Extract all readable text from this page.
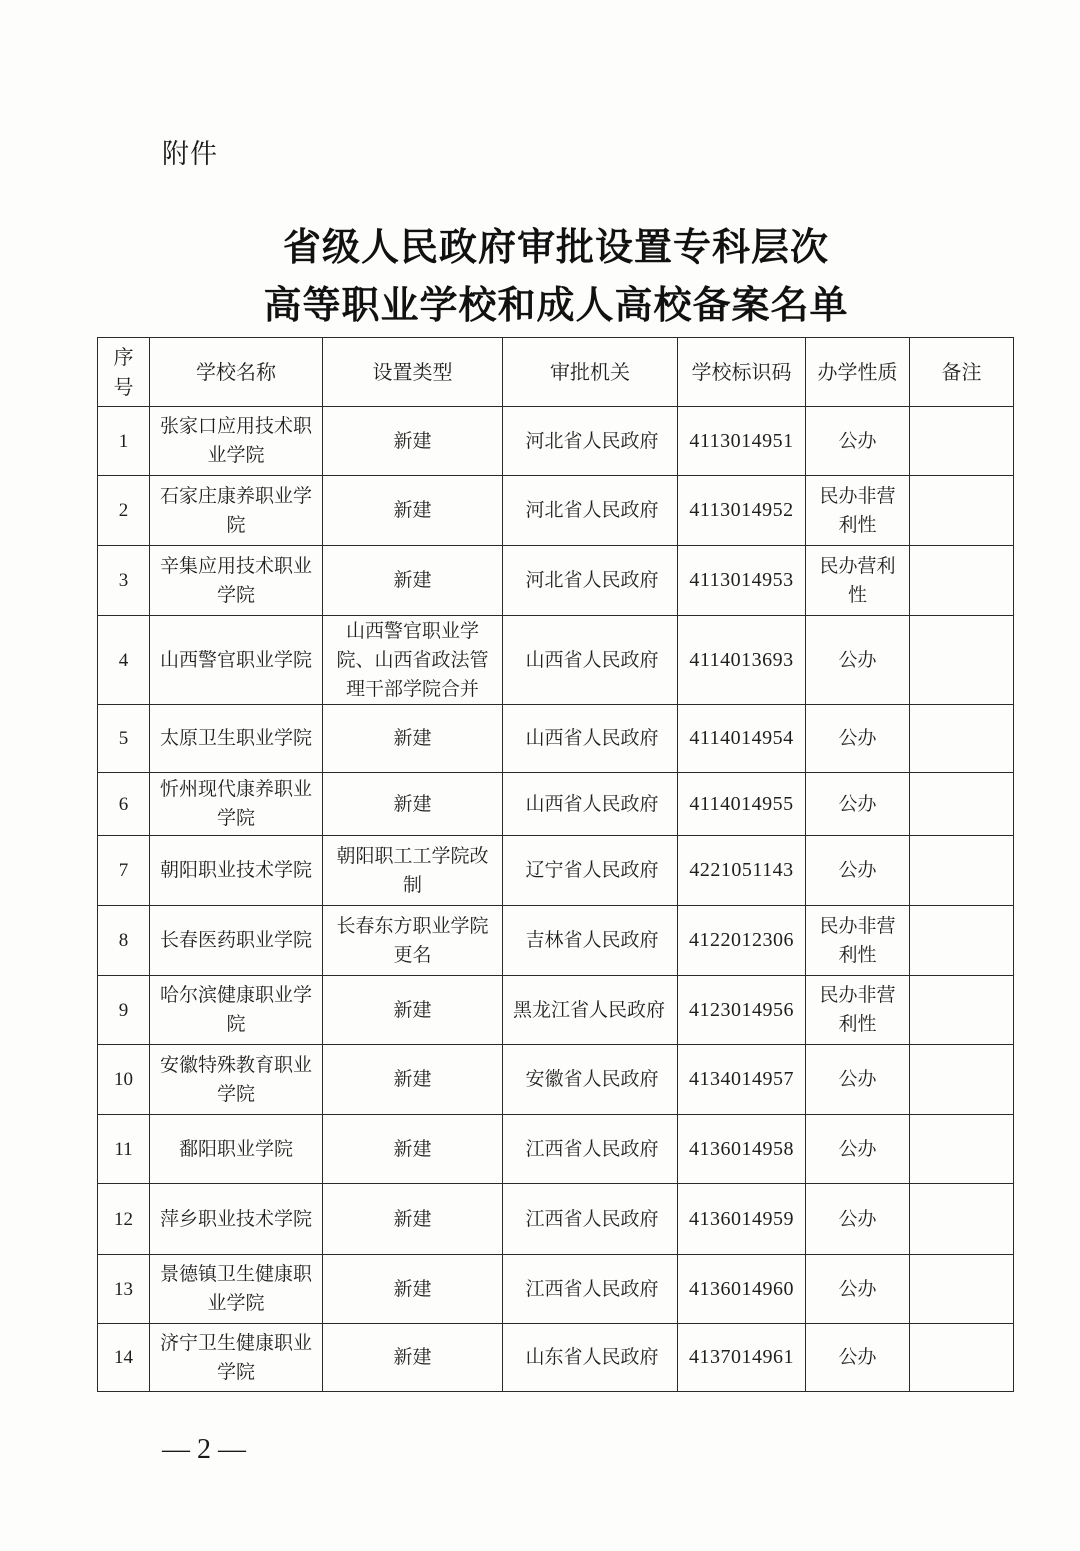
附件
省级人民政府审批设置专科层次
高等职业学校和成人高校备案名单
序号	学校名称	设置类型	审批机关	学校标识码	办学性质	备注
1	张家口应用技术职业学院	新建	河北省人民政府	4113014951	公办	
2	石家庄康养职业学院	新建	河北省人民政府	4113014952	民办非营利性	
3	辛集应用技术职业学院	新建	河北省人民政府	4113014953	民办营利性	
4	山西警官职业学院	山西警官职业学院、山西省政法管理干部学院合并	山西省人民政府	4114013693	公办	
5	太原卫生职业学院	新建	山西省人民政府	4114014954	公办	
6	忻州现代康养职业学院	新建	山西省人民政府	4114014955	公办	
7	朝阳职业技术学院	朝阳职工工学院改制	辽宁省人民政府	4221051143	公办	
8	长春医药职业学院	长春东方职业学院更名	吉林省人民政府	4122012306	民办非营利性	
9	哈尔滨健康职业学院	新建	黑龙江省人民政府	4123014956	民办非营利性	
10	安徽特殊教育职业学院	新建	安徽省人民政府	4134014957	公办	
11	鄱阳职业学院	新建	江西省人民政府	4136014958	公办	
12	萍乡职业技术学院	新建	江西省人民政府	4136014959	公办	
13	景德镇卫生健康职业学院	新建	江西省人民政府	4136014960	公办	
14	济宁卫生健康职业学院	新建	山东省人民政府	4137014961	公办	
— 2 —
